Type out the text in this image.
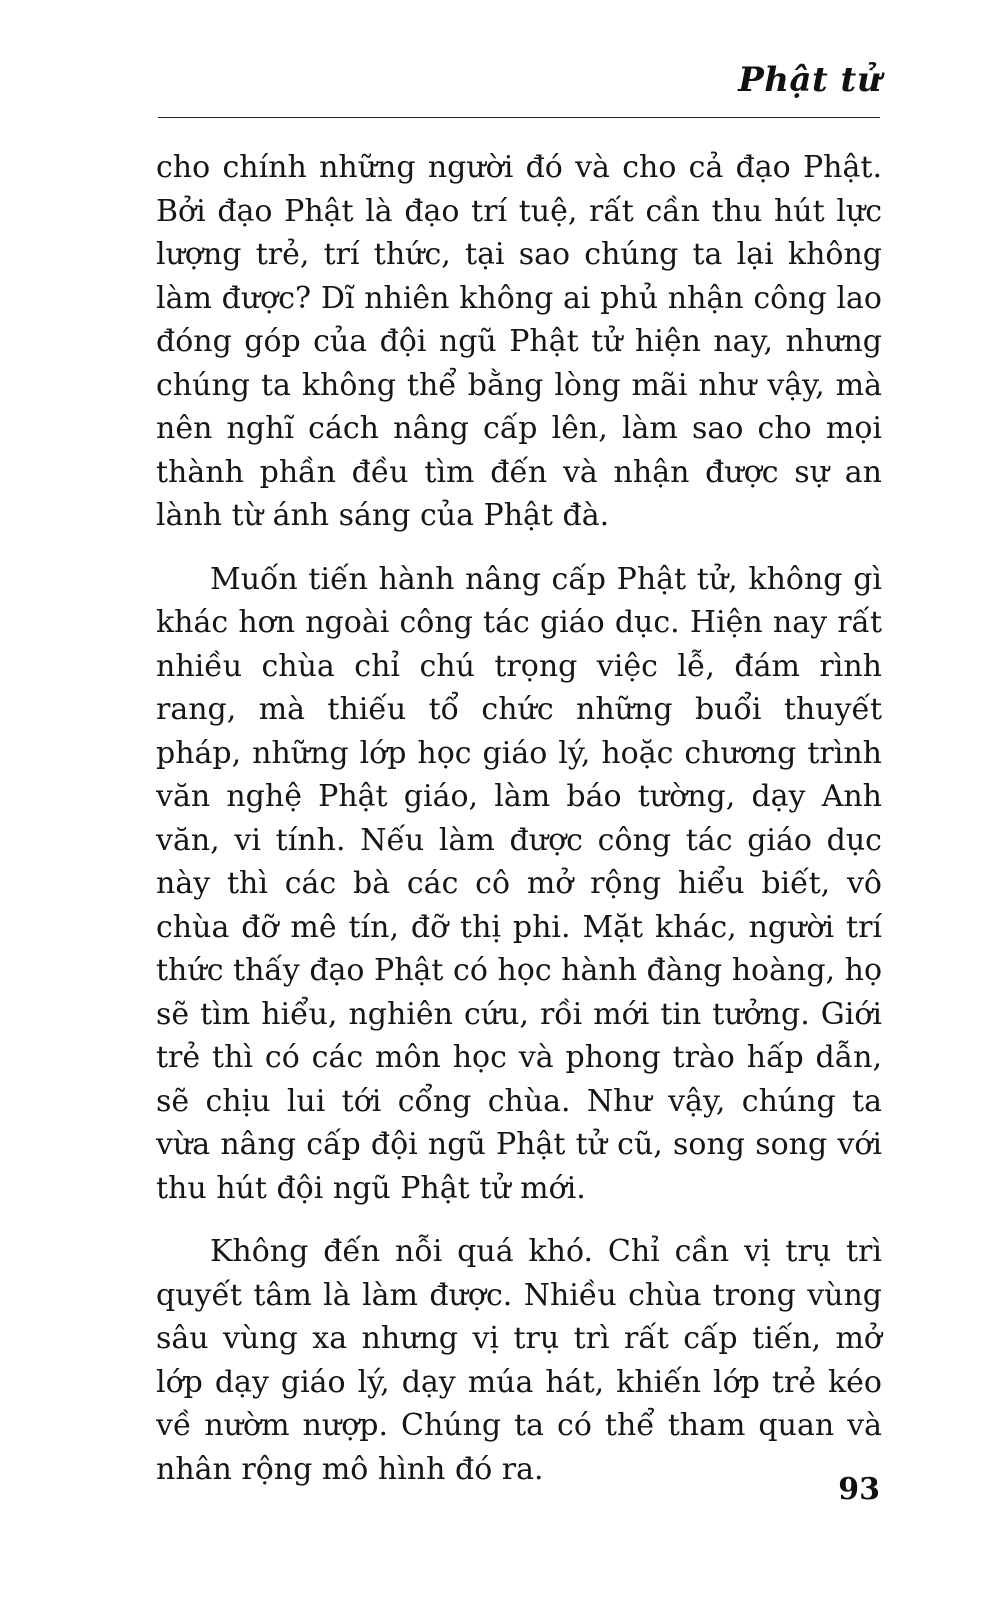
Phật tử

cho chính những người đó và cho cả đạo Phật. Bởi đạo Phật là đạo trí tuệ, rất cần thu hút lực lượng trẻ, trí thức, tại sao chúng ta lại không làm được? Dĩ nhiên không ai phủ nhận công lao đóng góp của đội ngũ Phật tử hiện nay, nhưng chúng ta không thể bằng lòng mãi như vậy, mà nên nghĩ cách nâng cấp lên, làm sao cho mọi thành phần đều tìm đến và nhận được sự an lành từ ánh sáng của Phật đà.

Muốn tiến hành nâng cấp Phật tử, không gì khác hơn ngoài công tác giáo dục. Hiện nay rất nhiều chùa chỉ chú trọng việc lễ, đám rình rang, mà thiếu tổ chức những buổi thuyết pháp, những lớp học giáo lý, hoặc chương trình văn nghệ Phật giáo, làm báo tường, dạy Anh văn, vi tính. Nếu làm được công tác giáo dục này thì các bà các cô mở rộng hiểu biết, vô chùa đỡ mê tín, đỡ thị phi. Mặt khác, người trí thức thấy đạo Phật có học hành đàng hoàng, họ sẽ tìm hiểu, nghiên cứu, rồi mới tin tưởng. Giới trẻ thì có các môn học và phong trào hấp dẫn, sẽ chịu lui tới cổng chùa. Như vậy, chúng ta vừa nâng cấp đội ngũ Phật tử cũ, song song với thu hút đội ngũ Phật tử mới.

Không đến nỗi quá khó. Chỉ cần vị trụ trì quyết tâm là làm được. Nhiều chùa trong vùng sâu vùng xa nhưng vị trụ trì rất cấp tiến, mở lớp dạy giáo lý, dạy múa hát, khiến lớp trẻ kéo về nườm nượp. Chúng ta có thể tham quan và nhân rộng mô hình đó ra.

93
